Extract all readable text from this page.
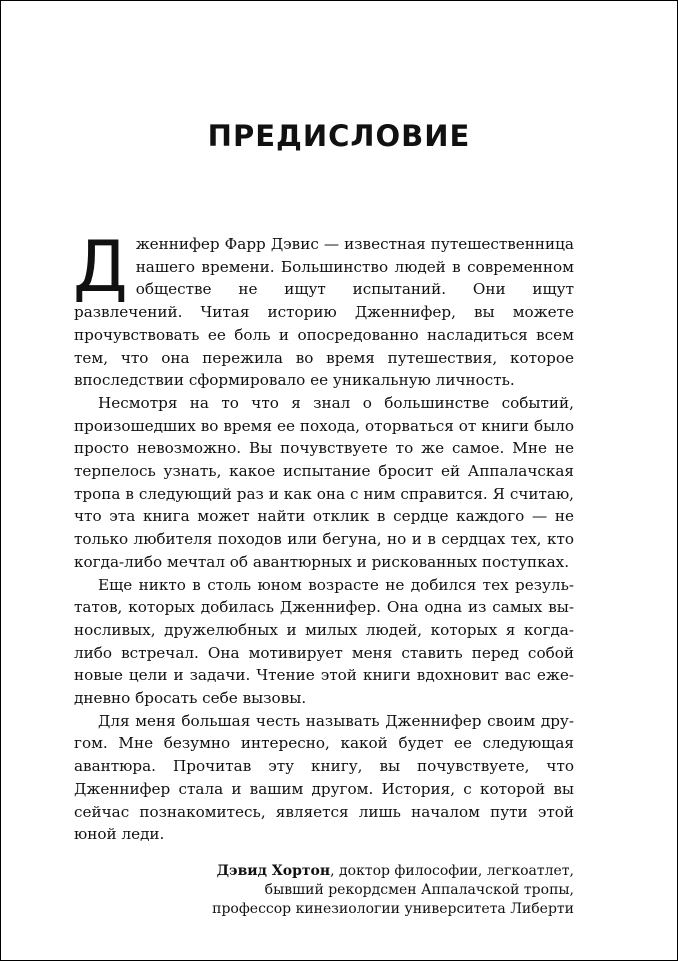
ПРЕДИСЛОВИЕ

Дженнифер Фарр Дэвис — известная путешественница нашего времени. Большинство людей в современном обществе не ищут испытаний. Они ищут развлечений. Читая историю Дженнифер, вы можете прочувствовать ее боль и опосредованно насладиться всем тем, что она пережила во время путешествия, которое впоследствии сформировало ее уникальную личность.

Несмотря на то что я знал о большинстве событий, произошедших во время ее похода, оторваться от книги было просто невозможно. Вы почувствуете то же самое. Мне не терпелось узнать, какое испытание бросит ей Аппалачская тропа в следующий раз и как она с ним справится. Я считаю, что эта книга может найти отклик в сердце каждого — не только любителя походов или бегуна, но и в сердцах тех, кто когда-либо мечтал об авантюрных и рискованных поступках.

Еще никто в столь юном возрасте не добился тех результатов, которых добилась Дженнифер. Она одна из самых выносливых, дружелюбных и милых людей, которых я когда-либо встречал. Она мотивирует меня ставить перед собой новые цели и задачи. Чтение этой книги вдохновит вас ежедневно бросать себе вызовы.

Для меня большая честь называть Дженнифер своим другом. Мне безумно интересно, какой будет ее следующая авантюра. Прочитав эту книгу, вы почувствуете, что Дженнифер стала и вашим другом. История, с которой вы сейчас познакомитесь, является лишь началом пути этой юной леди.

Дэвид Хортон, доктор философии, легкоатлет,
бывший рекордсмен Аппалачской тропы,
профессор кинезиологии университета Либерти
